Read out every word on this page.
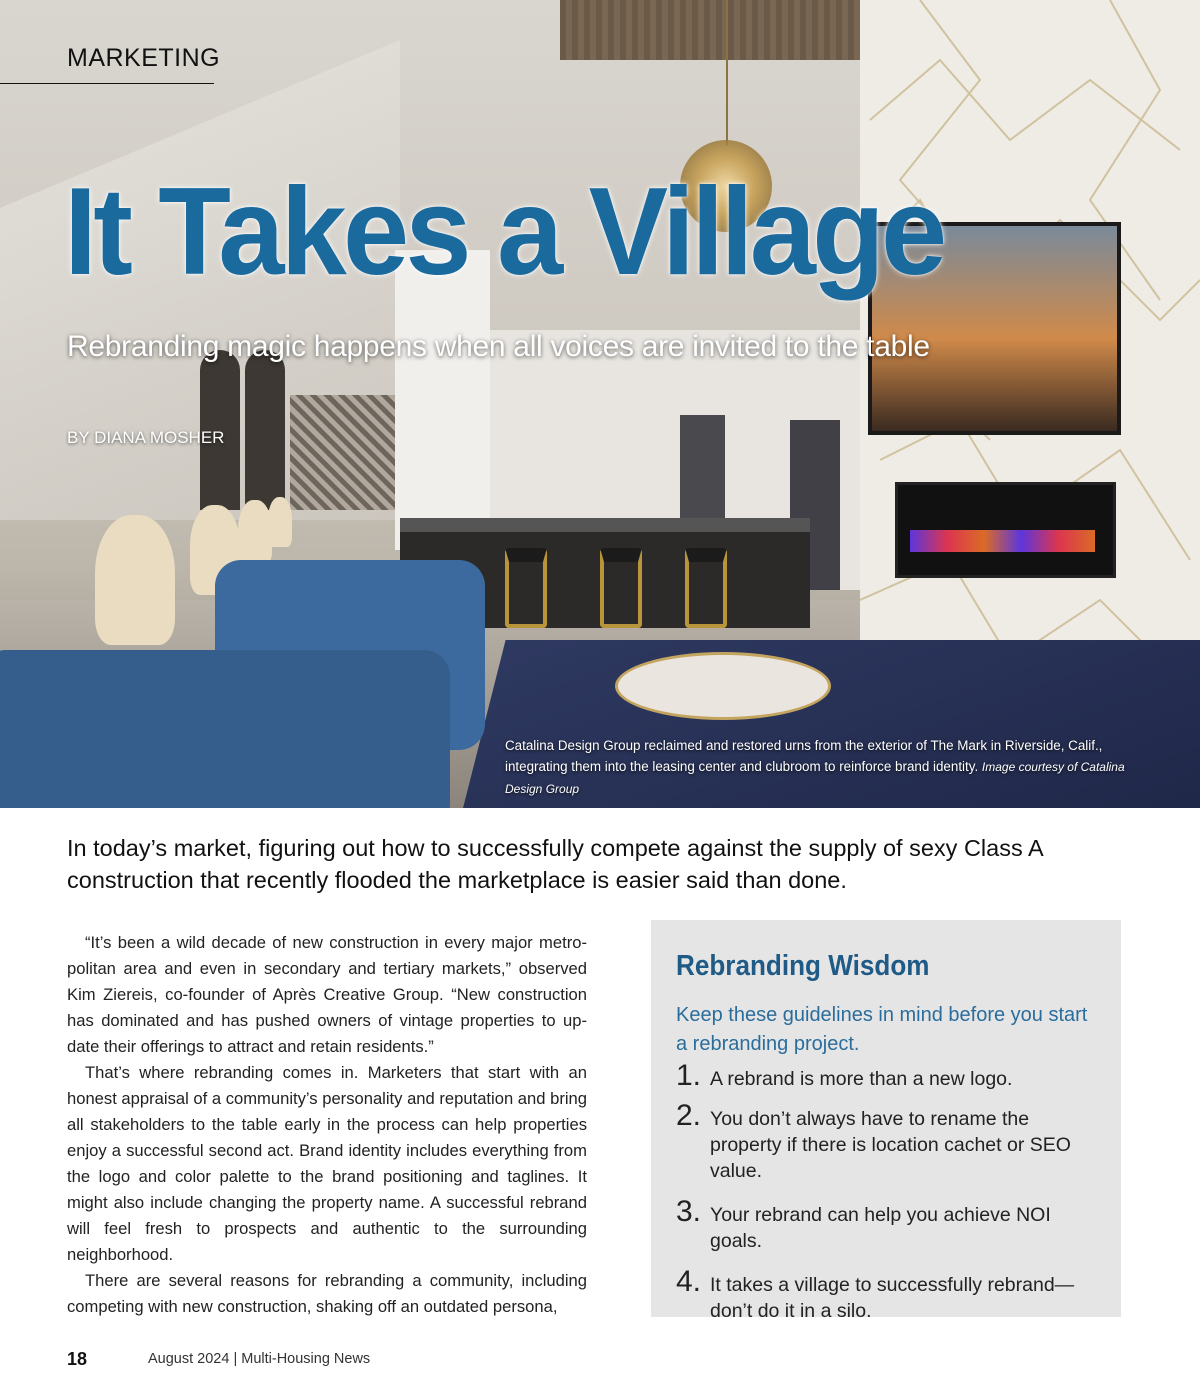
MARKETING
It Takes a Village
Rebranding magic happens when all voices are invited to the table
BY DIANA MOSHER
Catalina Design Group reclaimed and restored urns from the exterior of The Mark in Riverside, Calif., integrating them into the leasing center and clubroom to reinforce brand identity. Image courtesy of Catalina Design Group
In today’s market, figuring out how to successfully compete against the supply of sexy Class A construction that recently flooded the marketplace is easier said than done.

“It’s been a wild decade of new construction in every major metro-politan area and even in secondary and tertiary markets,” observed Kim Ziereis, co-founder of Après Creative Group. “New construction has dominated and has pushed owners of vintage properties to up-date their offerings to attract and retain residents.”

That’s where rebranding comes in. Marketers that start with an honest appraisal of a community’s personality and reputation and bring all stakeholders to the table early in the process can help properties enjoy a successful second act. Brand identity includes everything from the logo and color palette to the brand positioning and taglines. It might also include changing the property name. A successful rebrand will feel fresh to prospects and authentic to the surrounding neighborhood.

There are several reasons for rebranding a community, including competing with new construction, shaking off an outdated persona,

Rebranding Wisdom
Keep these guidelines in mind before you start a rebranding project.
1. A rebrand is more than a new logo.
2. You don’t always have to rename the property if there is location cachet or SEO value.
3. Your rebrand can help you achieve NOI goals.
4. It takes a village to successfully rebrand— don’t do it in a silo.
18	August 2024 | Multi-Housing News
